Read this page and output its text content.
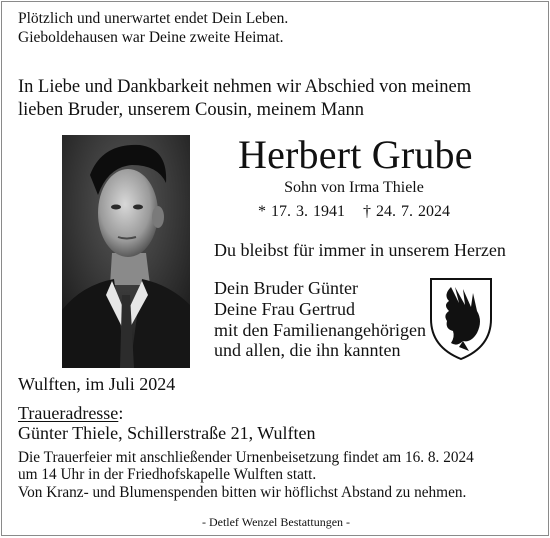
Plötzlich und unerwartet endet Dein Leben.
Gieboldehausen war Deine zweite Heimat.
In Liebe und Dankbarkeit nehmen wir Abschied von meinem
lieben Bruder, unserem Cousin, meinem Mann
Herbert Grube
Sohn von Irma Thiele
* 17. 3. 1941 † 24. 7. 2024
Du bleibst für immer in unserem Herzen
Dein Bruder Günter
Deine Frau Gertrud
mit den Familienangehörigen
und allen, die ihn kannten
Wulften, im Juli 2024
Traueradresse:
Günter Thiele, Schillerstraße 21, Wulften
Die Trauerfeier mit anschließender Urnenbeisetzung findet am 16. 8. 2024
um 14 Uhr in der Friedhofskapelle Wulften statt.
Von Kranz- und Blumenspenden bitten wir höflichst Abstand zu nehmen.
- Detlef Wenzel Bestattungen -
